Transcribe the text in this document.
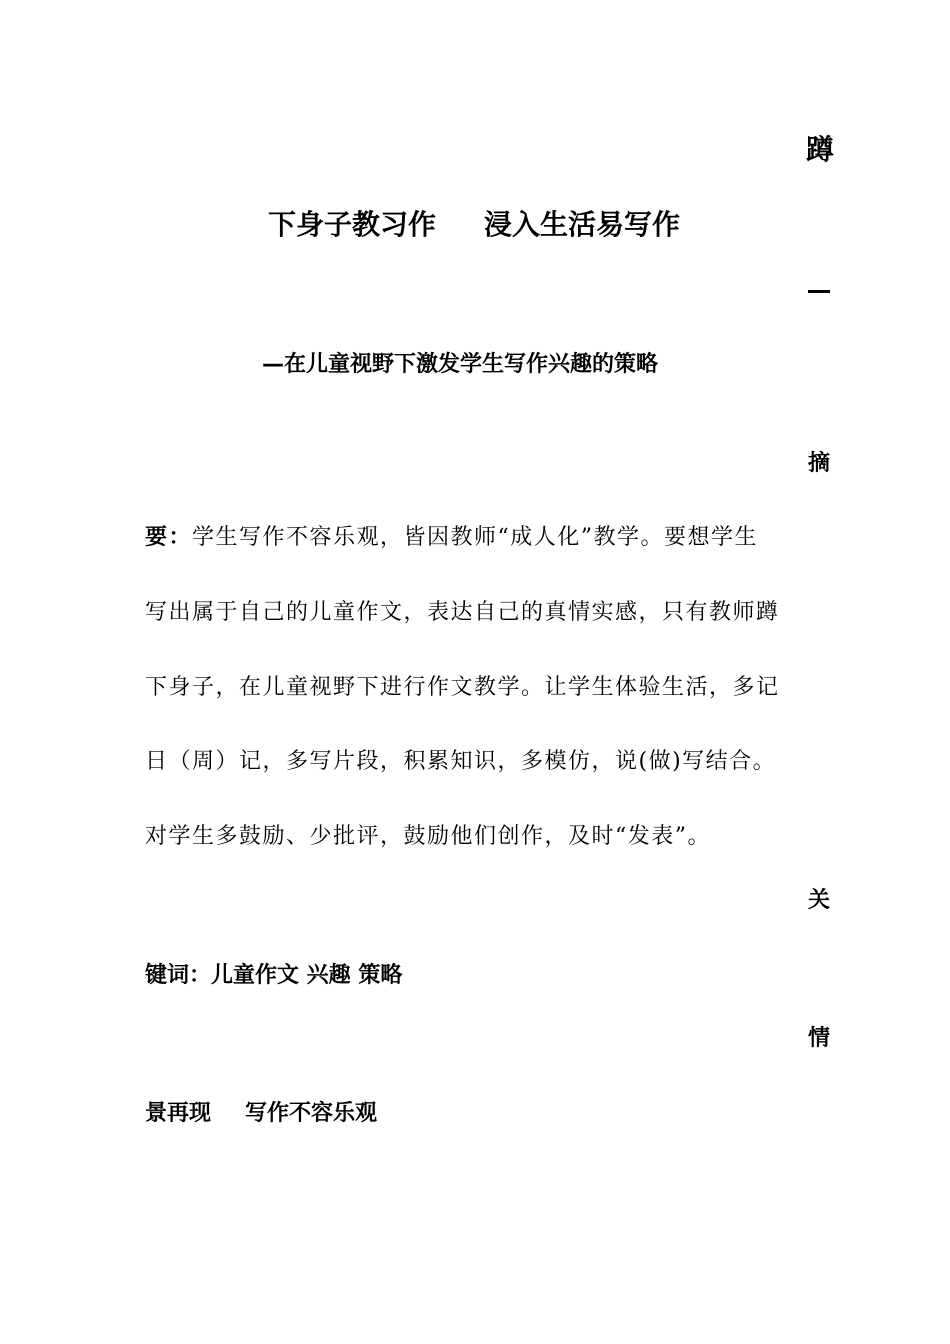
蹲
下身子教习作 浸入生活易写作
—在儿童视野下激发学生写作兴趣的策略
摘
要：学生写作不容乐观，皆因教师“成人化”教学。要想学生
写出属于自己的儿童作文，表达自己的真情实感，只有教师蹲
下身子，在儿童视野下进行作文教学。让学生体验生活，多记
日（周）记，多写片段，积累知识，多模仿，说(做)写结合。
对学生多鼓励、少批评，鼓励他们创作，及时“发表”。
关
键词：儿童作文 兴趣 策略
情
景再现 写作不容乐观
